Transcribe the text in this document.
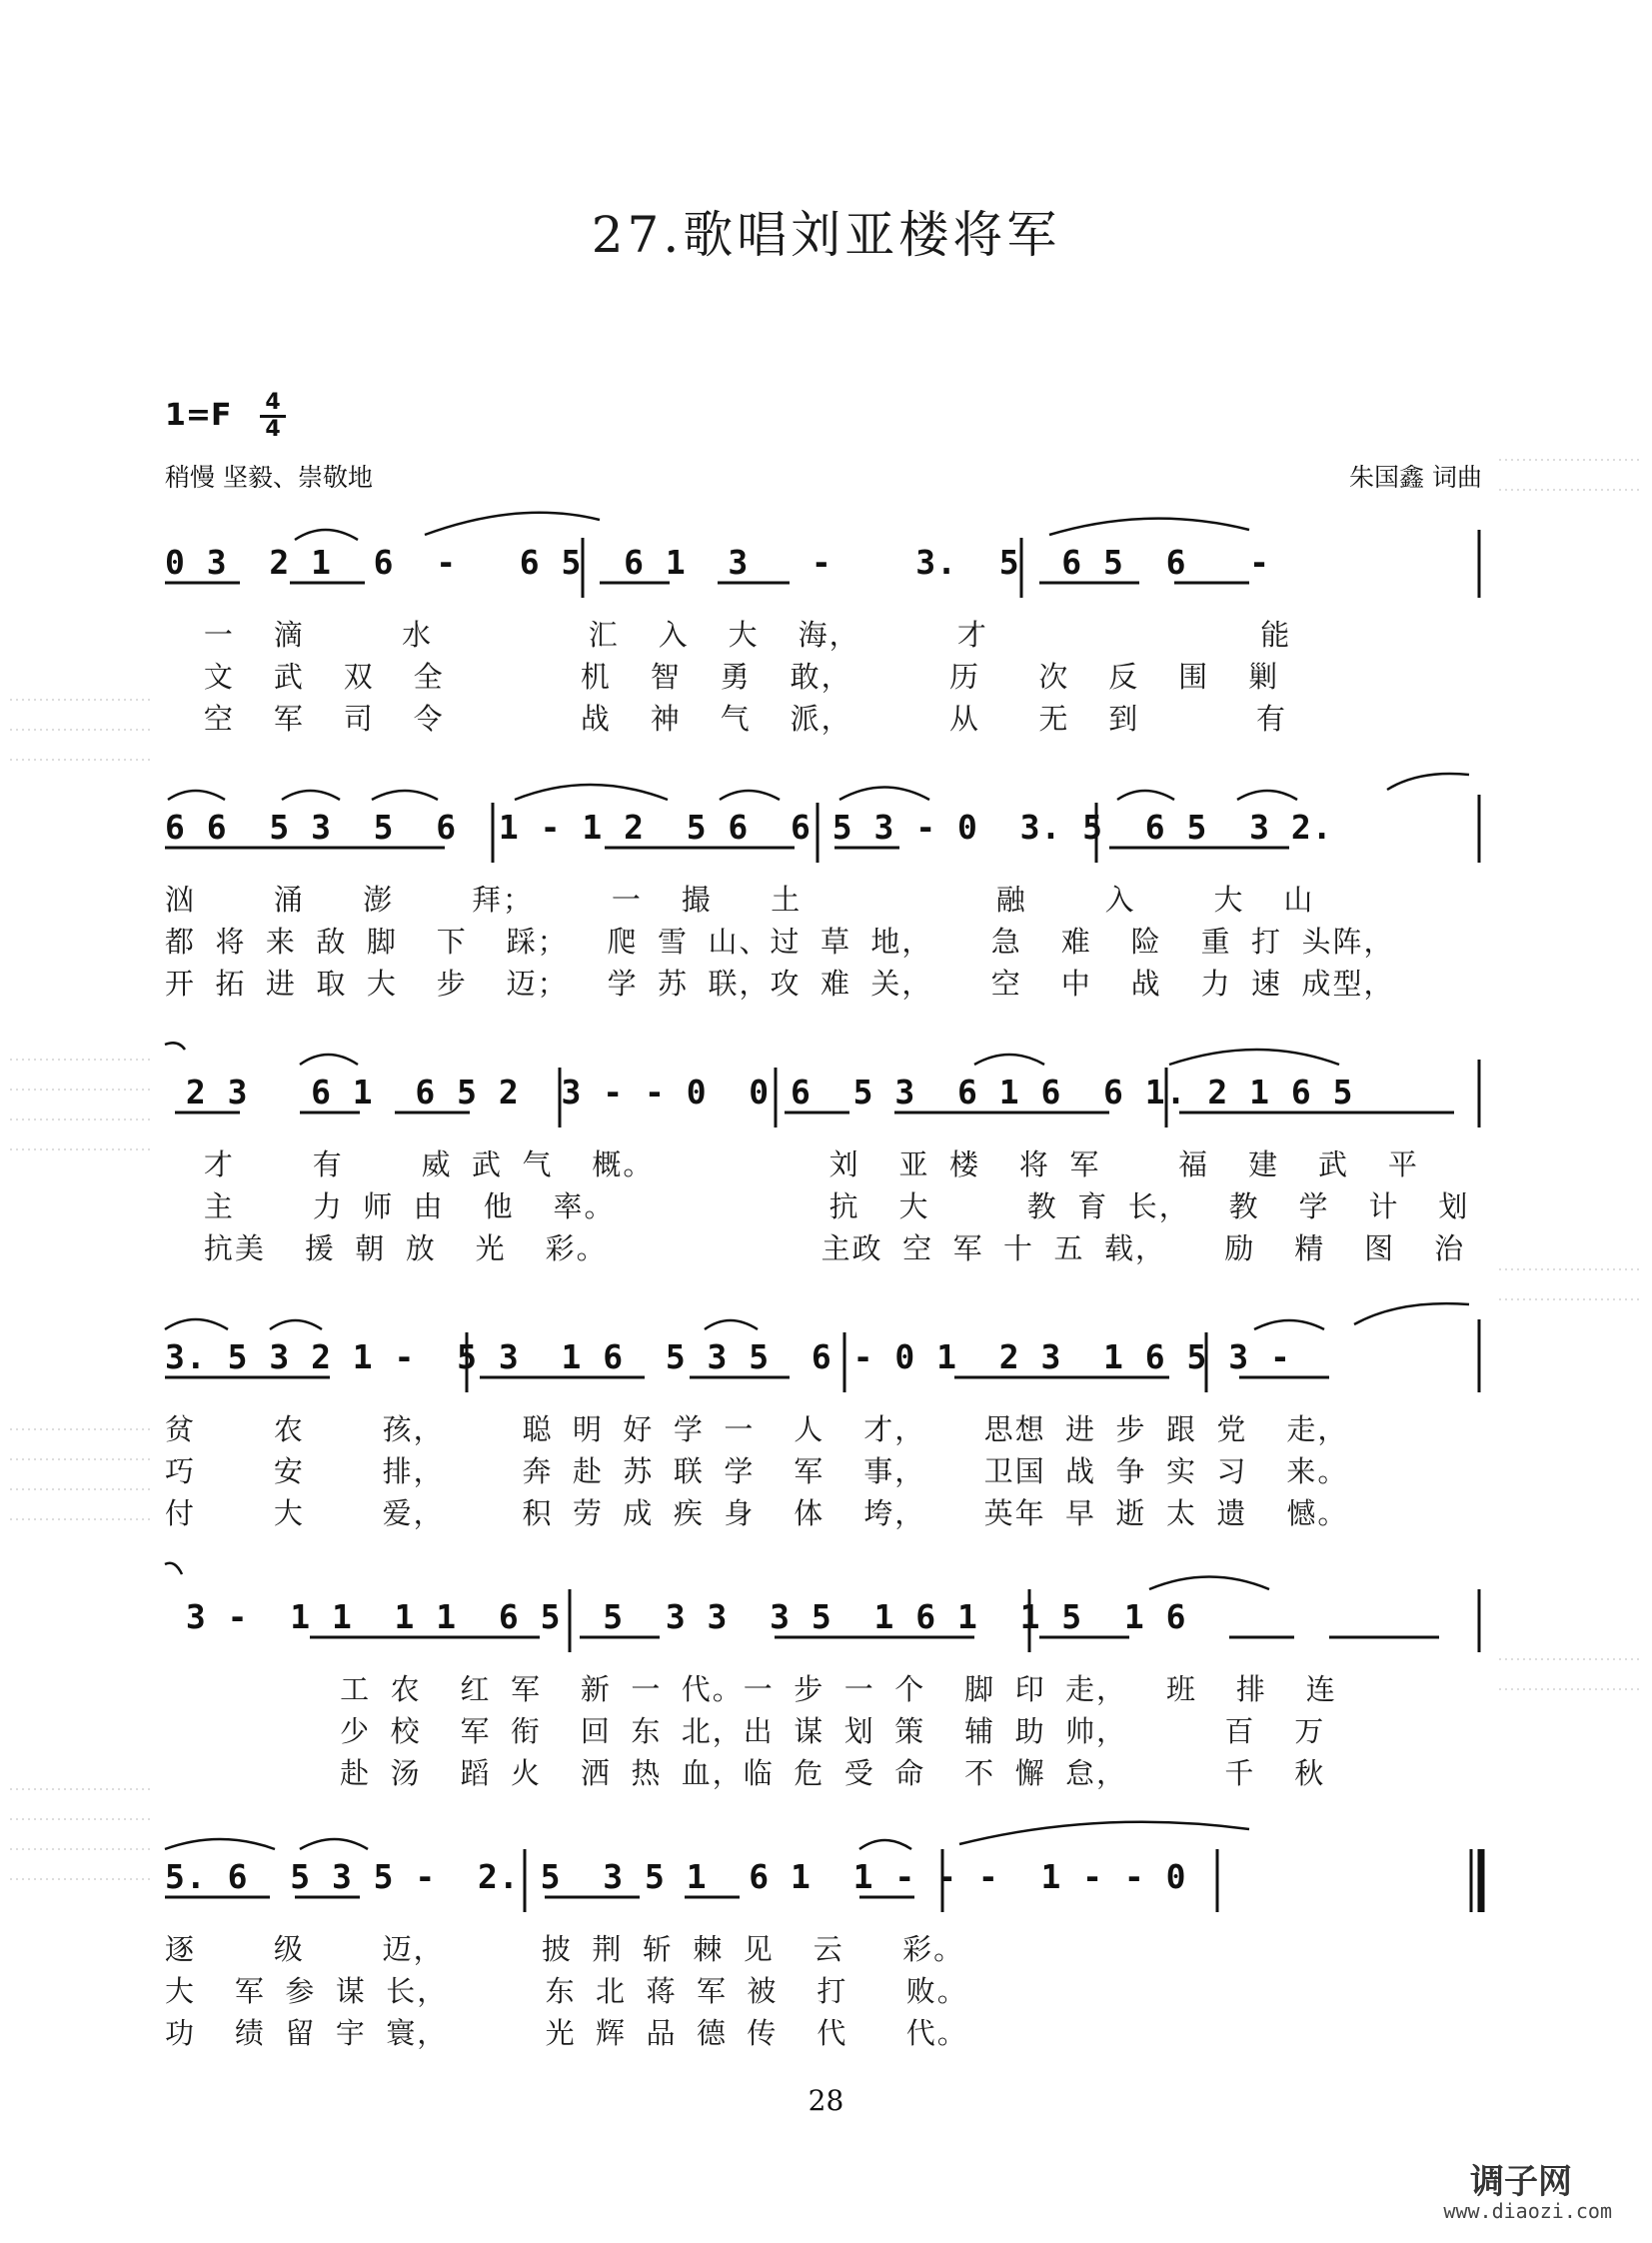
27.歌唱刘亚楼将军
1=F	4
4
稍慢 坚毅、崇敬地	朱国鑫 词曲
0 3  2 1  6  -   6 5  6 1  3   -    3.  5  6 5  6   -
一  滴     水        汇  入  大  海，     才              能
文  武  双  全       机  智  勇  敢，     历   次  反  围  剿
空  军  司  令       战  神  气  派，     从   无  到      有
6 6  5 3  5  6  1 - 1 2  5 6  6 5 3 - 0  3. 5  6 5  3 2.
汹    涌   澎    拜；    一  撮   土          融    入    大  山
都 将 来 敌 脚  下  踩；  爬 雪 山、过 草 地，   急  难  险  重 打 头阵，
开 拓 进 取 大  步  迈；  学 苏 联，攻 难 关，   空  中  战  力 速 成型，
2 3   6 1  6 5 2  3 - - 0  0 6  5 3  6 1 6  6 1. 2 1 6 5
才    有    威 武 气  概。         刘  亚 楼  将 军    福  建  武  平
主    力 师 由  他  率。           抗  大     教 育 长，  教  学  计  划
抗美  援 朝 放  光  彩。           主政 空 军 十 五 载，   励  精  图  治
3. 5 3 2 1 -  5 3  1 6  5 3 5  6 - 0 1  2 3  1 6 5 3 -
贫    农    孩，    聪 明 好 学 一  人  才，   思想 进 步 跟 党  走，
巧    安    排，    奔 赴 苏 联 学  军  事，   卫国 战 争 实 习  来。
付    大    爱，    积 劳 成 疾 身  体  垮，   英年 早 逝 太 遗  憾。
3 -  1 1  1 1  6 5  5  3 3  3 5  1 6 1  1 5  1 6
工 农  红 军  新 一 代。一 步 一 个  脚 印 走，  班  排  连
少 校  军 衔  回 东 北，出 谋 划 策  辅 助 帅，     百  万
赴 汤  蹈 火  洒 热 血，临 危 受 命  不 懈 怠，     千  秋
5. 6  5 3 5 -  2. 5  3 5 1  6 1  1 - - -  1 - - 0
逐    级    迈，     披 荆 斩 棘 见  云   彩。
大  军 参 谋 长，     东 北 蒋 军 被  打   败。
功  绩 留 宇 寰，     光 辉 品 德 传  代   代。
28
调子网
www.diaozi.com
